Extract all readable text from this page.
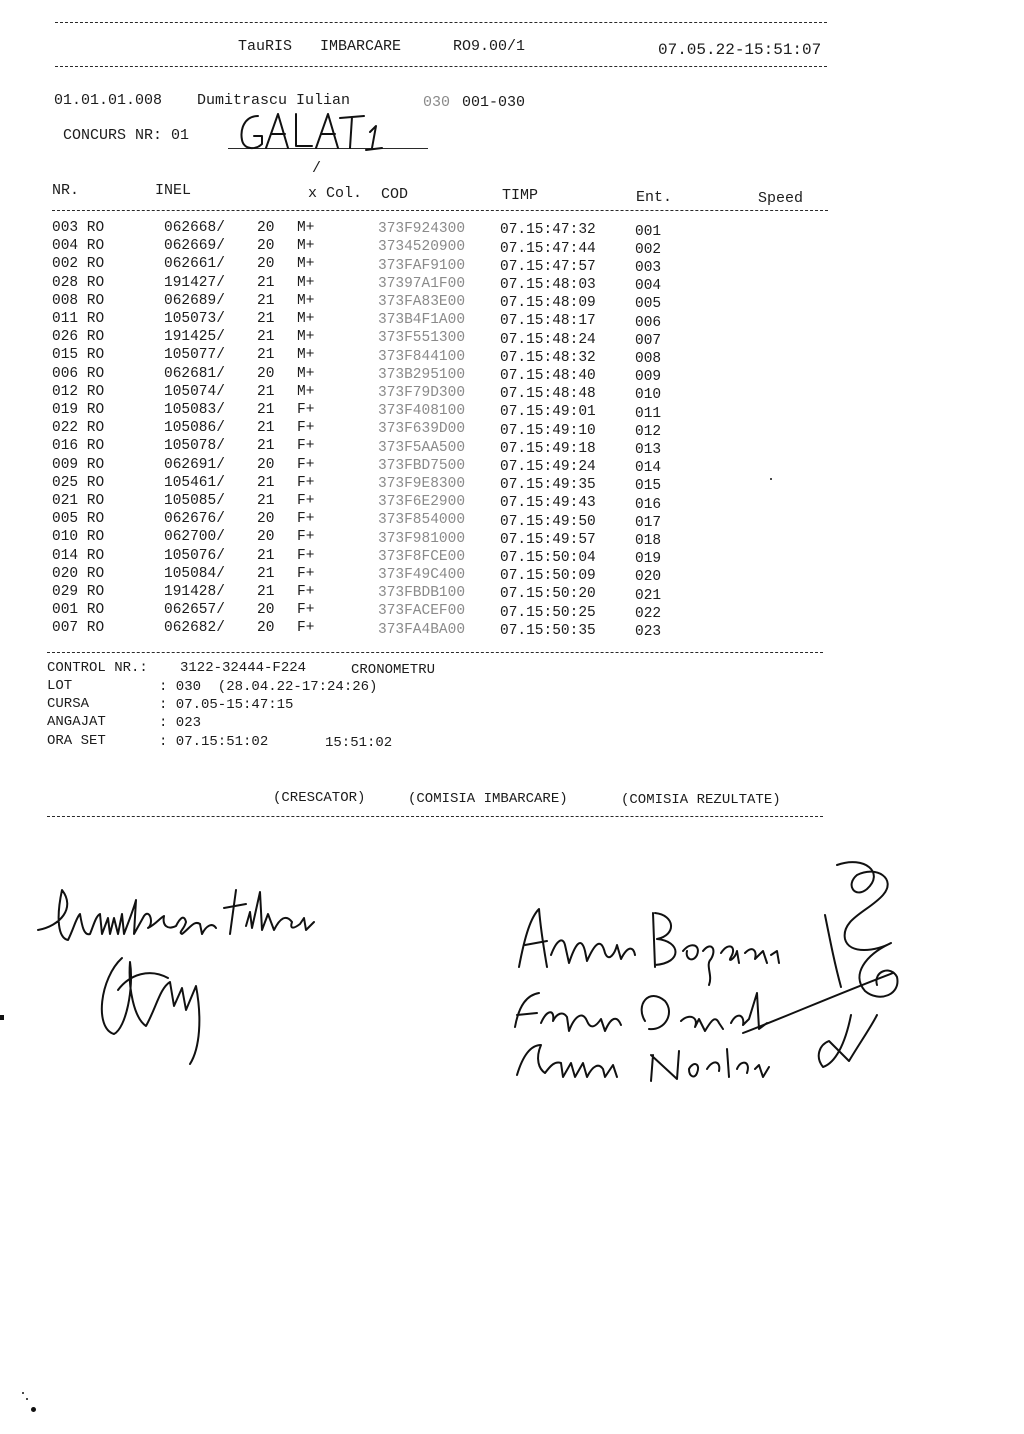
TauRIS IMBARCARE	RO9.00/1	07.05.22-15:51:07
01.01.01.008 Dumitrascu Iulian	030 001-030
CONCURS NR: 01
/
NR.	INEL	x Col. COD	TIMP	Ent.	Speed
003 RO	062668/ 20 M+	373F924300 07.15:47:32	001
004 RO	062669/ 20 M+	3734520900 07.15:47:44	002
002 RO	062661/ 20 M+	373FAF9100 07.15:47:57	003
028 RO	191427/ 21 M+	37397A1F00 07.15:48:03	004
008 RO	062689/ 21 M+	373FA83E00 07.15:48:09	005
011 RO	105073/ 21 M+	373B4F1A00 07.15:48:17	006
026 RO	191425/ 21 M+	373F551300 07.15:48:24	007
015 RO	105077/ 21 M+	373F844100 07.15:48:32	008
006 RO	062681/ 20 M+	373B295100 07.15:48:40	009
012 RO	105074/ 21 M+	373F79D300 07.15:48:48	010
019 RO	105083/ 21 F+	373F408100 07.15:49:01	011
022 RO	105086/ 21 F+	373F639D00 07.15:49:10	012
016 RO	105078/ 21 F+	373F5AA500 07.15:49:18	013
009 RO	062691/ 20 F+	373FBD7500 07.15:49:24	014
025 RO	105461/ 21 F+	373F9E8300 07.15:49:35	015
021 RO	105085/ 21 F+	373F6E2900 07.15:49:43	016
005 RO	062676/ 20 F+	373F854000 07.15:49:50	017
010 RO	062700/ 20 F+	373F981000 07.15:49:57	018
014 RO	105076/ 21 F+	373F8FCE00 07.15:50:04	019
020 RO	105084/ 21 F+	373F49C400 07.15:50:09	020
029 RO	191428/ 21 F+	373FBDB100 07.15:50:20	021
001 RO	062657/ 20 F+	373FACEF00 07.15:50:25	022
007 RO	062682/ 20 F+	373FA4BA00 07.15:50:35	023
CONTROL NR.: 3122-32444-F224	CRONOMETRU
LOT	: 030  (28.04.22-17:24:26)
CURSA	: 07.05-15:47:15
ANGAJAT	: 023
ORA SET	: 07.15:51:02	15:51:02
(CRESCATOR)	(COMISIA IMBARCARE)	(COMISIA REZULTATE)
